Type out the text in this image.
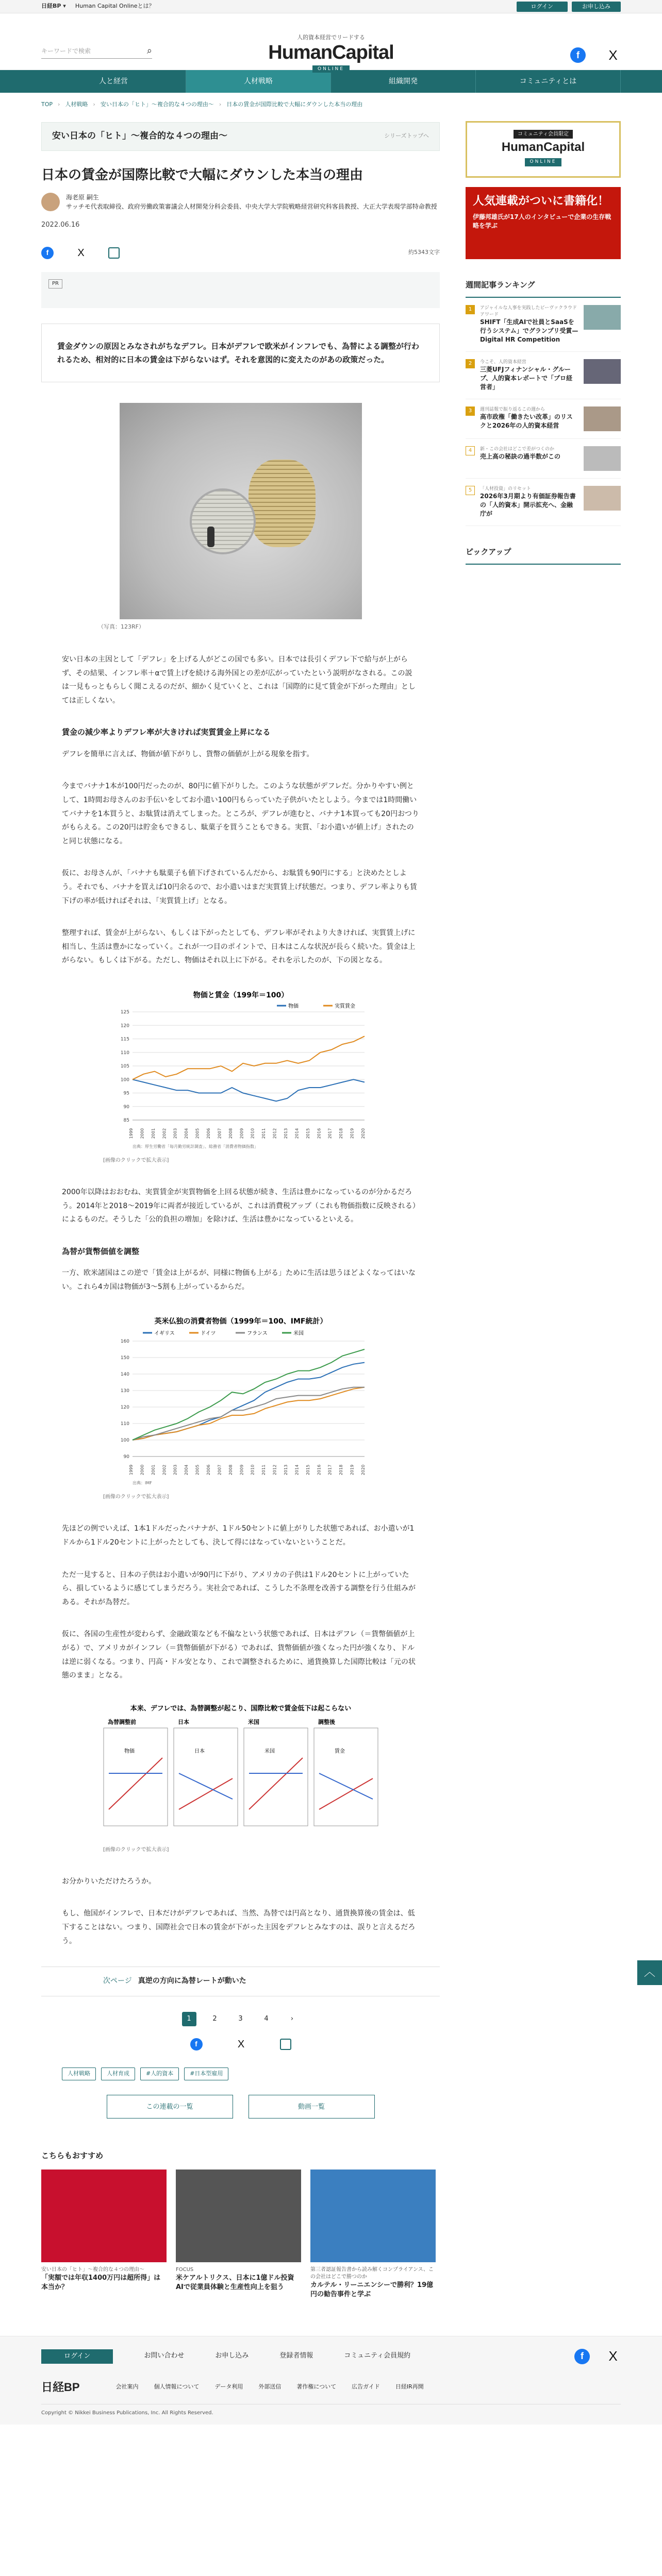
日経BP ▾ Human Capital Onlineとは？	ログイン	お申し込み
キーワードで検索	⌕
人的資本経営でリードする
HumanCapital
ONLINE
f	X
人と経営	人材戦略	組織開発	コミュニティとは
TOP › 人材戦略 › 安い日本の「ヒト」〜複合的な４つの理由〜 › 日本の賃金が国際比較で大幅にダウンした本当の理由
安い日本の「ヒト」〜複合的な４つの理由〜	シリーズトップへ
日本の賃金が国際比較で大幅にダウンした本当の理由
海老原 嗣生
サッチモ代表取締役、政府労働政策審議会人材開発分科会委員、中央大学大学院戦略経営研究科客員教授、大正大学表現学部特命教授
2022.06.16
f	X	約5343文字
PR
賃金ダウンの原因とみなされがちなデフレ。日本がデフレで欧米がインフレでも、為替による調整が行われるため、相対的に日本の賃金は下がらないはず。それを意図的に変えたのがあの政策だった。
（写真：123RF）

安い日本の主因として「デフレ」を上げる人がどこの国でも多い。日本では長引くデフレ下で給与が上がらず、その結果、インフレ率＋αで賃上げを続ける海外国との差が広がっていたという説明がなされる。この説は一見もっともらしく聞こえるのだが、細かく見ていくと、これは「国際的に見て賃金が下がった理由」としては正しくない。

賃金の減少率よりデフレ率が大きければ実質賃金上昇になる

デフレを簡単に言えば、物価が値下がりし、貨幣の価値が上がる現象を指す。

今までバナナ1本が100円だったのが、80円に値下がりした。このような状態がデフレだ。分かりやすい例として、1時間お母さんのお手伝いをしてお小遣い100円もらっていた子供がいたとしよう。今までは1時間働いてバナナを1本買うと、お駄賃は消えてしまった。ところが、デフレが進むと、バナナ1本買っても20円おつりがもらえる。この20円は貯金もできるし、駄菓子を買うこともできる。実質、「お小遣いが値上げ」されたのと同じ状態になる。

仮に、お母さんが、「バナナも駄菓子も値下げされているんだから、お駄賃も90円にする」と決めたとしよう。それでも、バナナを買えば10円余るので、お小遣いはまだ実質賃上げ状態だ。つまり、デフレ率よりも賃下げの率が低ければそれは、「実質賃上げ」となる。

整理すれば、賃金が上がらない、もしくは下がったとしても、デフレ率がそれより大きければ、実質賃上げに相当し、生活は豊かになっていく。これが一つ目のポイントで、日本はこんな状況が長らく続いた。賃金は上がらない。もしくは下がる。ただし、物価はそれ以上に下がる。それを示したのが、下の図となる。

物価と賃金（199年＝100）
85
90
95
100
105
110
115
120
125
1999 2000 2001 2002 2003 2004 2005 2006 2007 2008 2009 2010 2011 2012 2013 2014 2015 2016 2017 2018 2019 2020
物価	実質賃金
出典：厚生労働省「毎月勤労統計調査」、総務省「消費者物価指数」
[画像のクリックで拡大表示]

2000年以降はおおむね、実質賃金が実質物価を上回る状態が続き、生活は豊かになっているのが分かるだろう。2014年と2018〜2019年に両者が接近しているが、これは消費税アップ（これも物価指数に反映される）によるものだ。そうした「公的負担の増加」を除けば、生活は豊かになっているといえる。

為替が貨幣価値を調整

一方、欧米諸国はこの逆で「賃金は上がるが、同様に物価も上がる」ために生活は思うほどよくなってはいない。これら4カ国は物価が3〜5割も上がっているからだ。

英米仏独の消費者物価（1999年＝100、IMF統計）
90
100
110
120
130
140
150
160
1999 2000 2001 2002 2003 2004 2005 2006 2007 2008 2009 2010 2011 2012 2013 2014 2015 2016 2017 2018 2019 2020
イギリス	ドイツ	フランス	米国
出典：IMF
[画像のクリックで拡大表示]

先ほどの例でいえば、1本1ドルだったバナナが、1ドル50セントに値上がりした状態であれば、お小遣いが1ドルから1ドル20セントに上がったとしても、決して得にはなっていないということだ。

ただ一見すると、日本の子供はお小遣いが90円に下がり、アメリカの子供は1ドル20セントに上がっていたら、損しているように感じてしまうだろう。実社会であれば、こうした不条理を改善する調整を行う仕組みがある。それが為替だ。

仮に、各国の生産性が変わらず、金融政策なども不偏なという状態であれば、日本はデフレ（＝貨幣価値が上がる）で、アメリカがインフレ（＝貨幣価値が下がる）であれば、貨幣価値が強くなった円が強くなり、ドルは逆に弱くなる。つまり、円高・ドル安となり、これで調整されるために、通貨換算した国際比較は「元の状態のまま」となる。

本来、デフレでは、為替調整が起こり、国際比較で賃金低下は起こらない
為替調整前
物価
日本
日本
米国
米国
調整後
賃金
[画像のクリックで拡大表示]

お分かりいただけたろうか。

もし、他国がインフレで、日本だけがデフレであれば、当然、為替では円高となり、通貨換算後の賃金は、低下することはない。つまり、国際社会で日本の賃金が下がった主因をデフレとみなすのは、誤りと言えるだろう。

次ページ 真逆の方向に為替レートが動いた
1	2	3	4	›
f	X
人材戦略	人材育成	#人的資本	#日本型雇用
この連載の一覧	動画一覧
コミュニティ会員限定
HumanCapital
ONLINE
人気連載がついに書籍化！
伊藤邦雄氏が17人のインタビューで企業の生存戦略を学ぶ
週間記事ランキング
1	アジャイルな人事を実践したビーヴァクラウドアワード
SHIFT「生成AIで社員とSaaSを行うシステム」でグランプリ受賞—Digital HR Competition
2	今こそ、人的資本経営
三菱UFJフィナンシャル・グループ、人的資本レポートで「プロ経営者」
3	週刊誌報で振り返るこの週から
高市政権「働きたい改革」のリスクと2026年の人的資本経営
4	新・この会社はどこで差がつくのか
売上高の秘訣の過半数がこの
5	「人材投資」のリセット
2026年3月期より有価証券報告書の「人的資本」開示拡充へ、金融庁が
ピックアップ
こちらもおすすめ
安い日本の「ヒト」〜複合的な４つの理由〜
「実額では年収1400万円は超所得」は本当か？
FOCUS
米ケアルトリクス、日本に1億ドル投資 AIで従業員体験と生産性向上を狙う
第三者認証報告書から読み解くコンプライアンス、この会社はどこで勝つのか
カルテル・リーニエンシーで勝利？19億円の勧告事件と学ぶ
ログイン	お問い合わせ	お申し込み	登録者情報	コミュニティ会員規約	f	X
日経BP	会社案内	個人情報について	データ利用	外部送信	著作権について	広告ガイド	日経IR再開
Copyright © Nikkei Business Publications, Inc. All Rights Reserved.
︿
